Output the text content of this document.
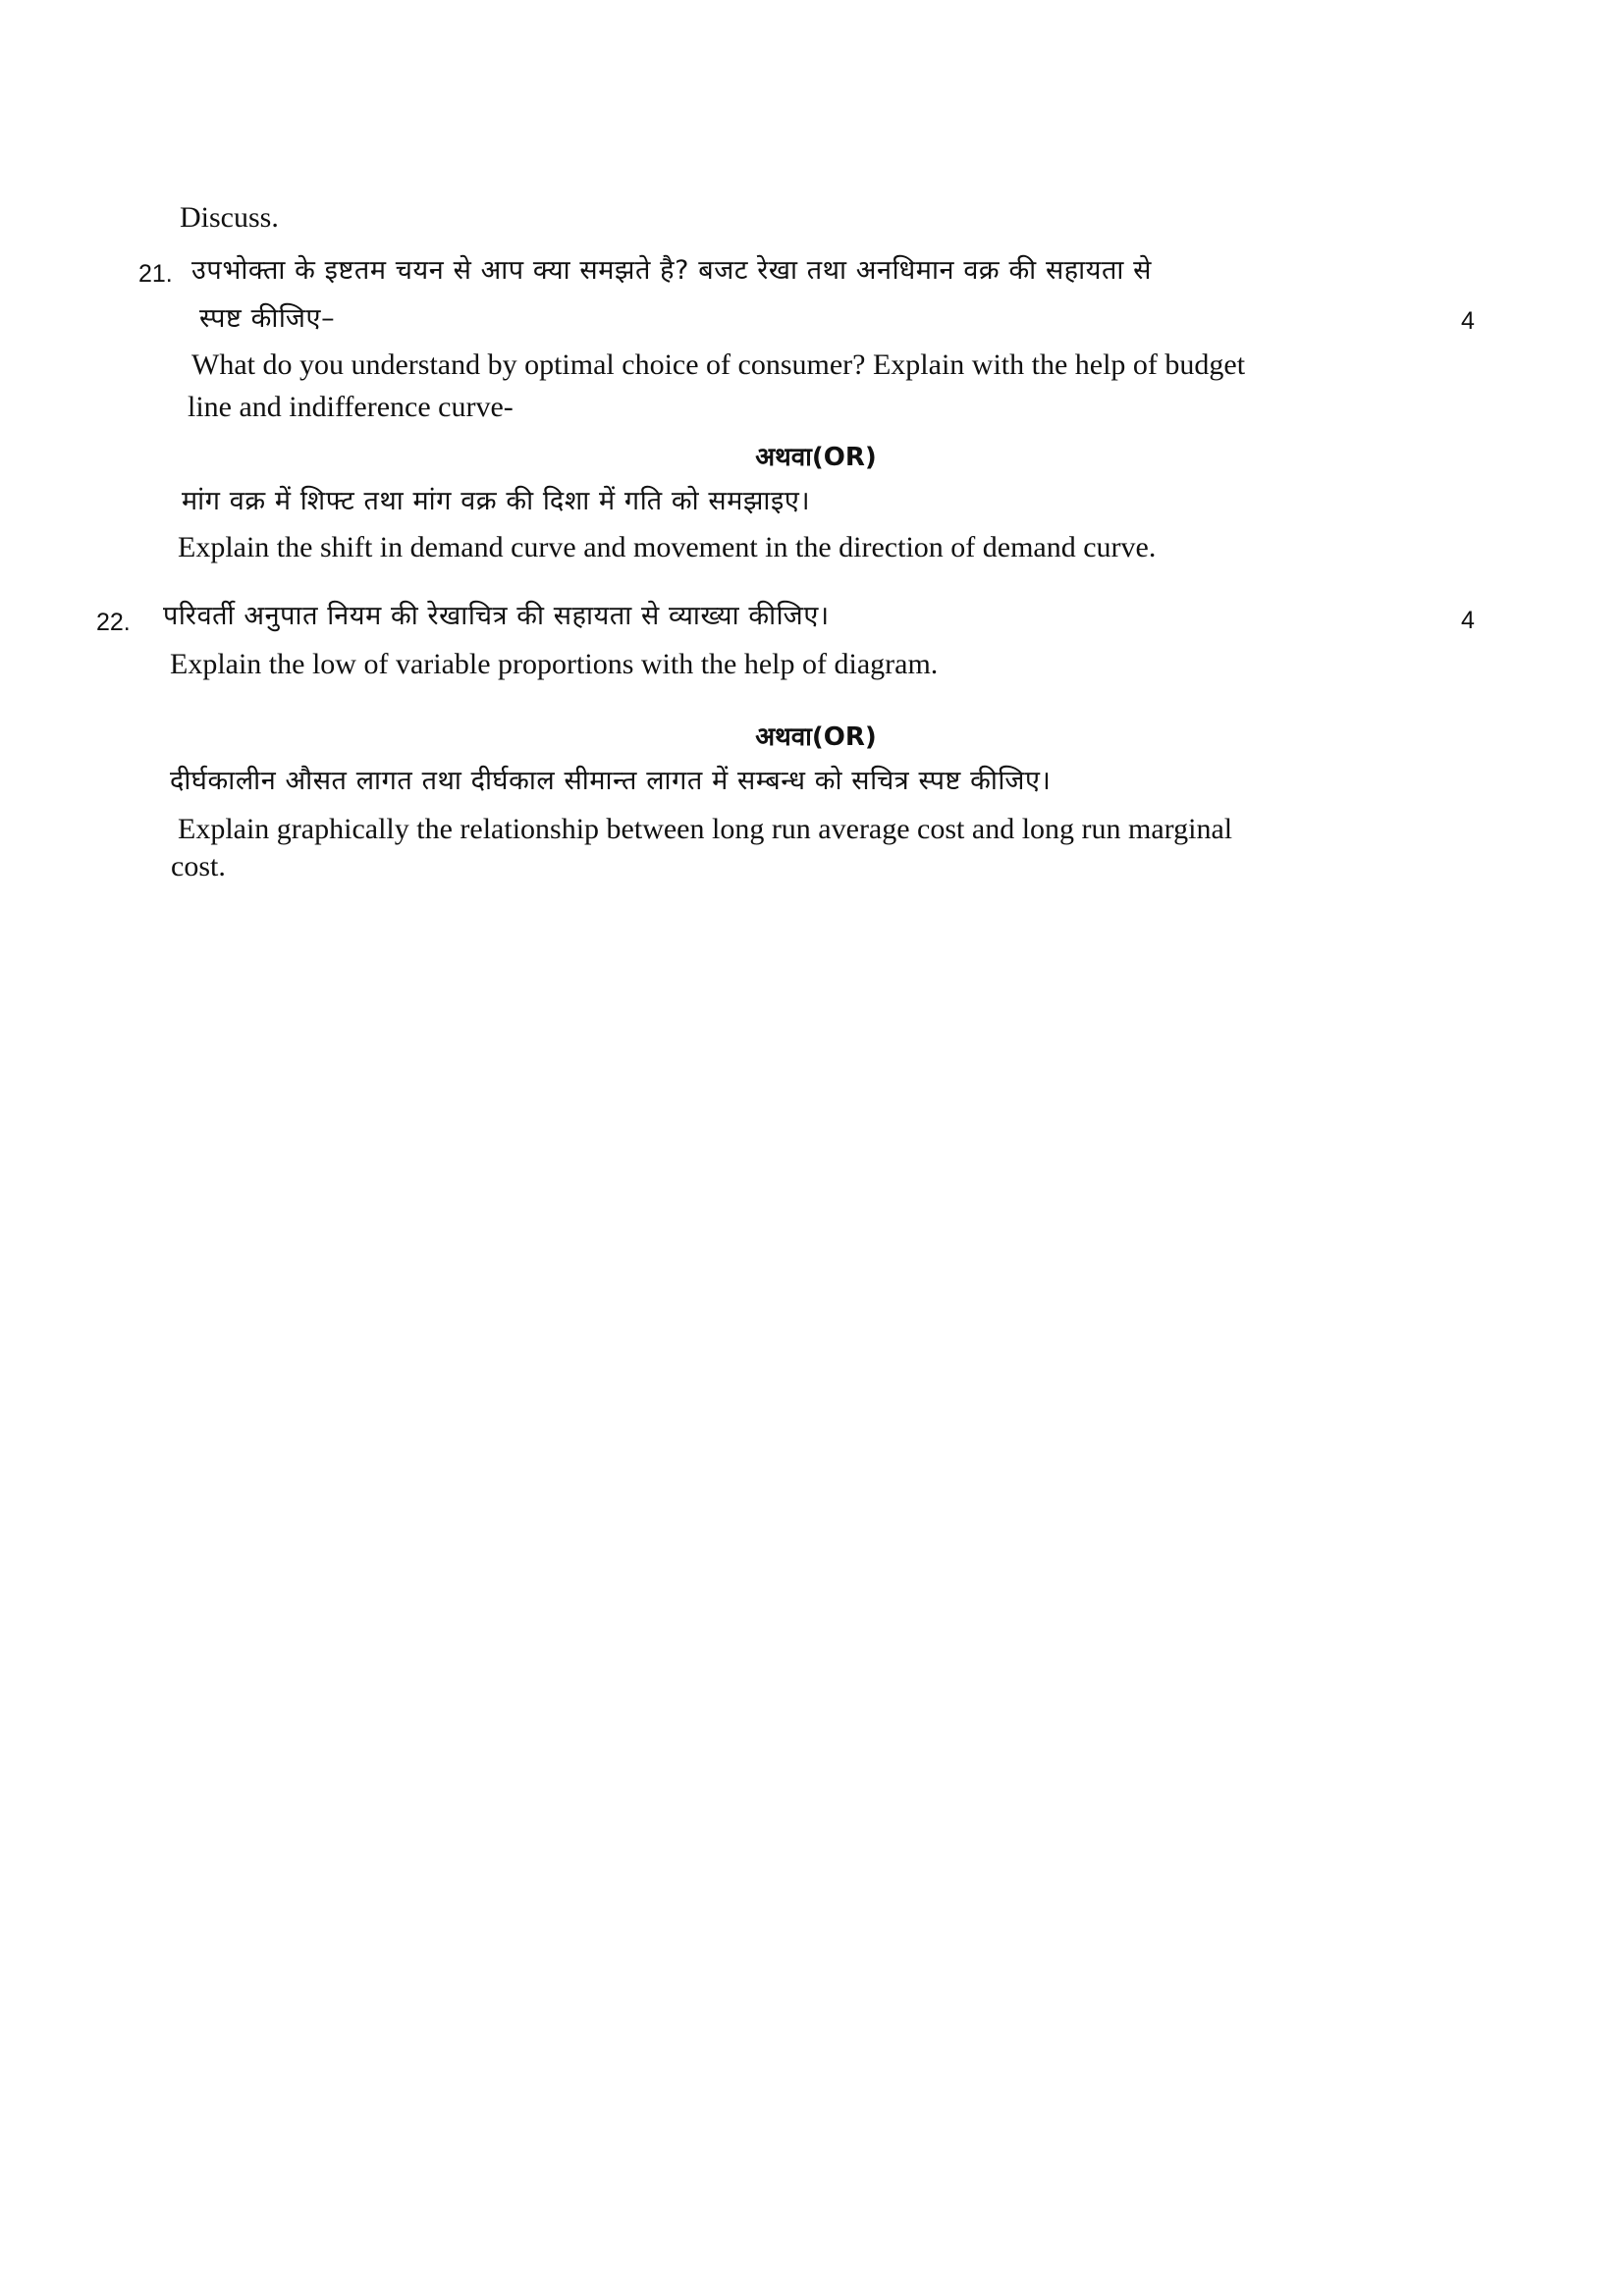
Discuss.
21. उपभोक्ता के इष्टतम चयन से आप क्या समझते है? बजट रेखा तथा अनधिमान वक्र की सहायता से
स्पष्ट कीजिए–	4
What do you understand by optimal choice of consumer? Explain with the help of budget
line and indifference curve-
अथवा(OR)
मांग वक्र में शिफ्ट तथा मांग वक्र की दिशा में गति को समझाइए।
Explain the shift in demand curve and movement in the direction of demand curve.
22. परिवर्ती अनुपात नियम की रेखाचित्र की सहायता से व्याख्या कीजिए।	4
Explain the low of variable proportions with the help of diagram.
अथवा(OR)
दीर्घकालीन औसत लागत तथा दीर्घकाल सीमान्त लागत में सम्बन्ध को सचित्र स्पष्ट कीजिए।
Explain graphically the relationship between long run average cost and long run marginal
cost.
